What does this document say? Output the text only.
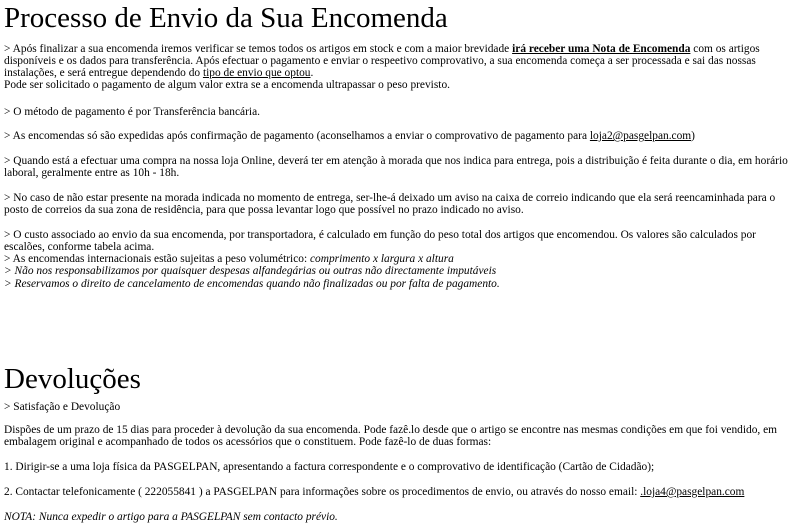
Processo de Envio da Sua Encomenda

> Após finalizar a sua encomenda iremos verificar se temos todos os artigos em stock e com a maior brevidade irá receber uma Nota de Encomenda com os artigos disponíveis e os dados para transferência. Após efectuar o pagamento e enviar o respeetivo comprovativo, a sua encomenda começa a ser processada e sai das nossas instalações, e será entregue dependendo do tipo de envio que optou.
Pode ser solicitado o pagamento de algum valor extra se a encomenda ultrapassar o peso previsto.

> O método de pagamento é por Transferência bancária.

> As encomendas só são expedidas após confirmação de pagamento (aconselhamos a enviar o comprovativo de pagamento para loja2@pasgelpan.com)

> Quando está a efectuar uma compra na nossa loja Online, deverá ter em atenção à morada que nos indica para entrega, pois a distribuição é feita durante o dia, em horário laboral, geralmente entre as 10h - 18h.

> No caso de não estar presente na morada indicada no momento de entrega, ser-lhe-á deixado um aviso na caixa de correio indicando que ela será reencaminhada para o posto de correios da sua zona de residência, para que possa levantar logo que possível no prazo indicado no aviso.

> O custo associado ao envio da sua encomenda, por transportadora, é calculado em função do peso total dos artigos que encomendou. Os valores são calculados por escalões, conforme tabela acima.

> As encomendas internacionais estão sujeitas a peso volumétrico: comprimento x largura x altura

> Não nos responsabilizamos por quaisquer despesas alfandegárias ou outras não directamente imputáveis

> Reservamos o direito de cancelamento de encomendas quando não finalizadas ou por falta de pagamento.

Devoluções

> Satisfação e Devolução

Dispões de um prazo de 15 dias para proceder à devolução da sua encomenda. Pode fazê.lo desde que o artigo se encontre nas mesmas condições em que foi vendido, em embalagem original e acompanhado de todos os acessórios que o constituem. Pode fazê-lo de duas formas:

1. Dirigir-se a uma loja física da PASGELPAN, apresentando a factura correspondente e o comprovativo de identificação (Cartão de Cidadão);

2. Contactar telefonicamente ( 222055841 ) a PASGELPAN para informações sobre os procedimentos de envio, ou através do nosso email: .loja4@pasgelpan.com

NOTA: Nunca expedir o artigo para a PASGELPAN sem contacto prévio.
